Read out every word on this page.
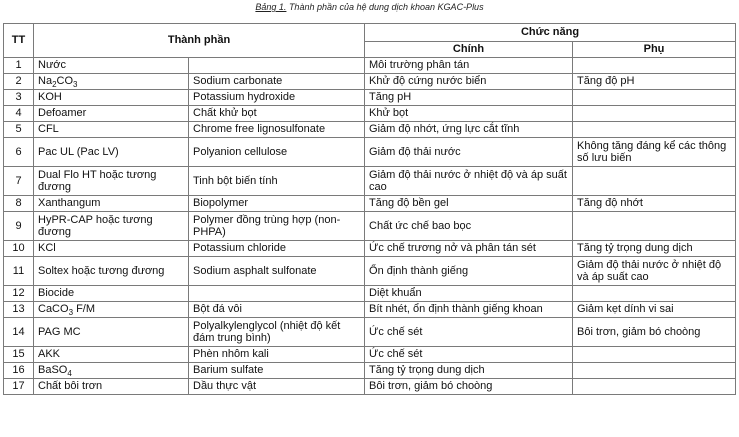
Bảng 1. Thành phần của hệ dung dịch khoan KGAC-Plus
TT	Thành phần		Chức năng	
			Chính	Phụ
1	Nước		Môi trường phân tán	
2	$Na_2CO_3$	Sodium carbonate	Khử độ cứng nước biển	Tăng độ pH
3	KOH	Potassium hydroxide	Tăng pH	
4	Defoamer	Chất khử bọt	Khử bọt	
5	CFL	Chrome free lignosulfonate	Giảm độ nhớt, ứng lực cắt tĩnh	
6	Pac UL (Pac LV)	Polyanion cellulose	Giảm độ thải nước	Không tăng đáng kể các thông số lưu biến
7	Dual Flo HT hoặc tương đương	Tinh bột biến tính	Giảm độ thải nước ở nhiệt độ và áp suất cao	
8	Xanthangum	Biopolymer	Tăng độ bền gel	Tăng độ nhớt
9	HyPR-CAP hoặc tương đương	Polymer đồng trùng hợp (non-PHPA)	Chất ức chế bao bọc	
10	KCl	Potassium chloride	Ức chế trương nở và phân tán sét	Tăng tỷ trọng dung dịch
11	Soltex hoặc tương đương	Sodium asphalt sulfonate	Ổn định thành giếng	Giảm độ thải nước ở nhiệt độ và áp suất cao
12	Biocide		Diệt khuẩn	
13	CaCO$_3$ F/M	Bột đá vôi	Bít nhét, ổn định thành giếng khoan	Giảm kẹt dính vi sai
14	PAG MC	Polyalkylenglycol (nhiệt độ kết đám trung bình)	Ức chế sét	Bôi trơn, giảm bó choòng
15	AKK	Phèn nhôm kali	Ức chế sét	
16	BaSO$_4$	Barium sulfate	Tăng tỷ trọng dung dịch	
17	Chất bôi trơn	Dầu thực vật	Bôi trơn, giảm bó choòng	
